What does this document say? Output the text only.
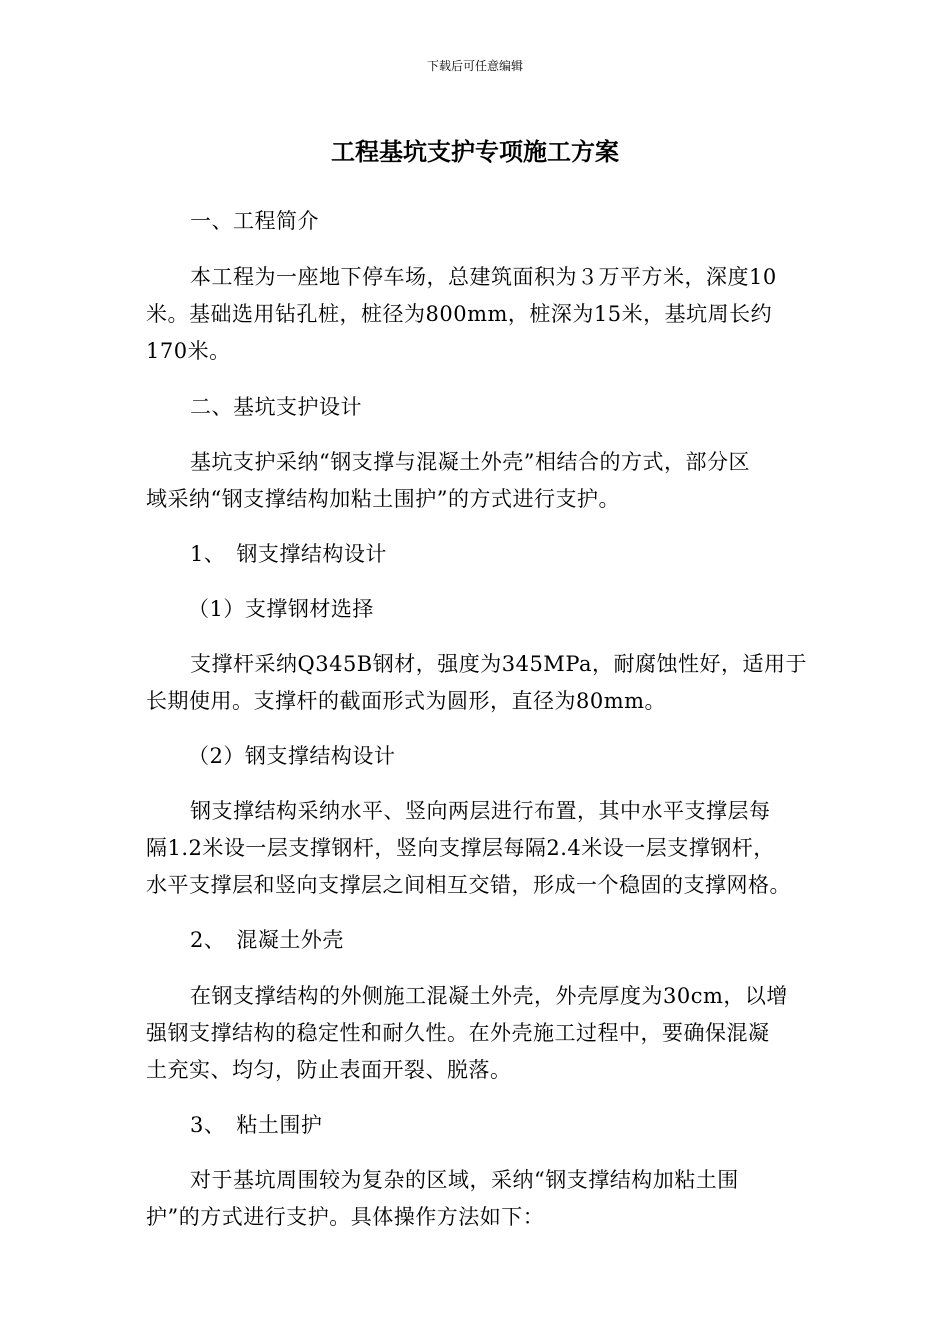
下载后可任意编辑
工程基坑支护专项施工方案
一、工程简介
本工程为一座地下停车场，总建筑面积为３万平方米，深度10
米。基础选用钻孔桩，桩径为800mm，桩深为15米，基坑周长约
170米。
二、基坑支护设计
基坑支护采纳“钢支撑与混凝土外壳”相结合的方式，部分区
域采纳“钢支撑结构加粘土围护”的方式进行支护。
1、　钢支撑结构设计
（1）支撑钢材选择
支撑杆采纳Q345B钢材，强度为345MPa，耐腐蚀性好，适用于
长期使用。支撑杆的截面形式为圆形，直径为80mm。
（2）钢支撑结构设计
钢支撑结构采纳水平、竖向两层进行布置，其中水平支撑层每
隔1.2米设一层支撑钢杆，竖向支撑层每隔2.4米设一层支撑钢杆，
水平支撑层和竖向支撑层之间相互交错，形成一个稳固的支撑网格。
2、　混凝土外壳
在钢支撑结构的外侧施工混凝土外壳，外壳厚度为30cm，以增
强钢支撑结构的稳定性和耐久性。在外壳施工过程中，要确保混凝
土充实、均匀，防止表面开裂、脱落。
3、　粘土围护
对于基坑周围较为复杂的区域，采纳“钢支撑结构加粘土围
护”的方式进行支护。具体操作方法如下：
